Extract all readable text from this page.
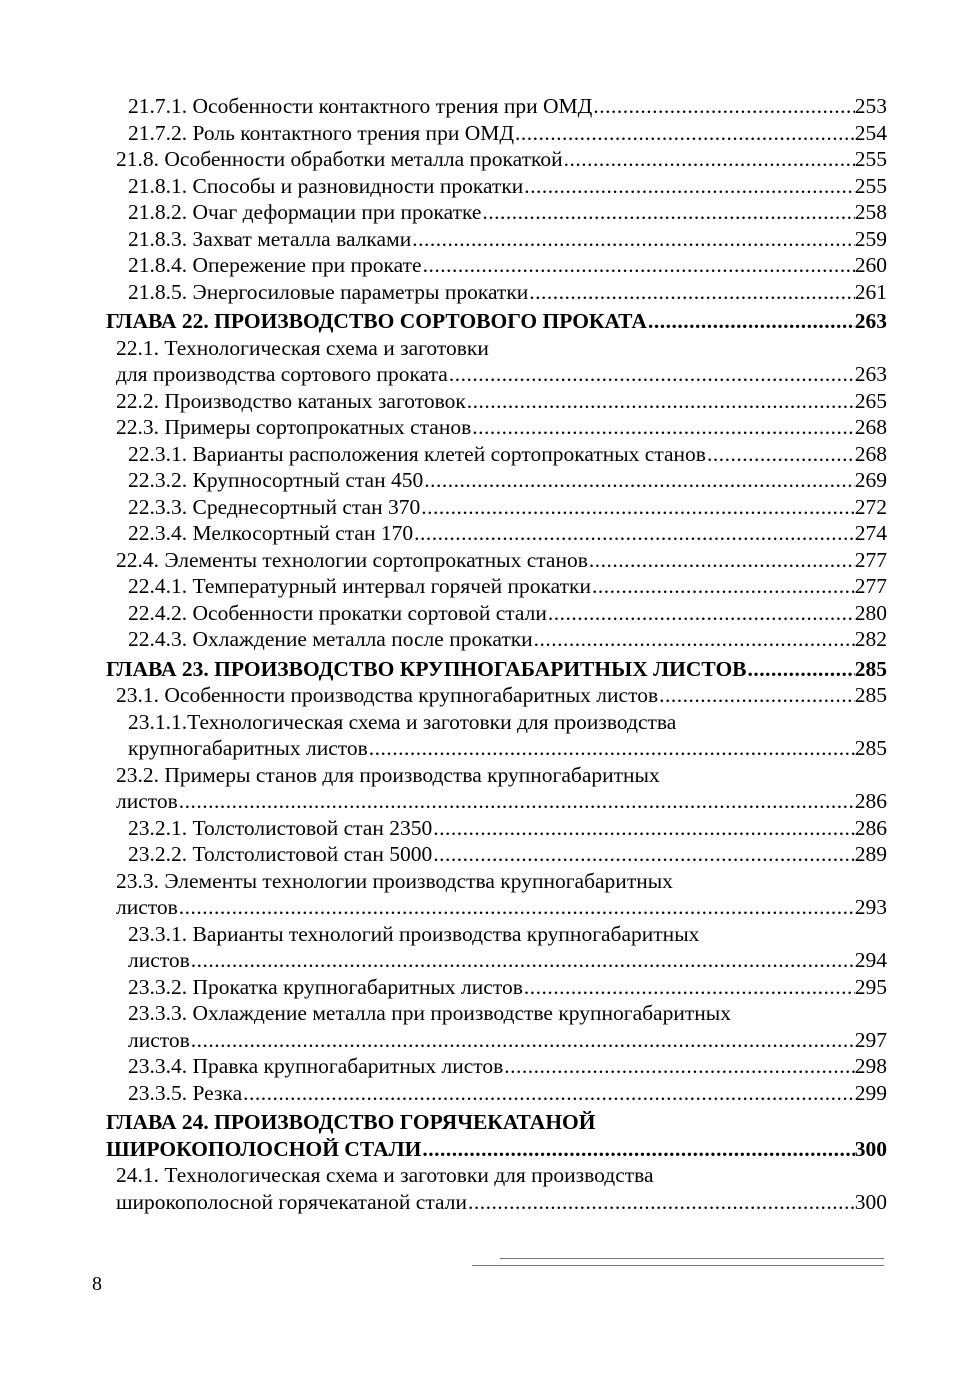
21.7.1. Особенности контактного трения при ОМД .....	253
21.7.2. Роль контактного трения при ОМД .....	254
21.8. Особенности обработки металла прокаткой .....	255
21.8.1. Способы и разновидности прокатки .....	255
21.8.2. Очаг деформации при прокатке .....	258
21.8.3. Захват металла валками .....	259
21.8.4. Опережение при прокате .....	260
21.8.5. Энергосиловые параметры прокатки .....	261
ГЛАВА 22. ПРОИЗВОДСТВО СОРТОВОГО ПРОКАТА .....	263
22.1. Технологическая схема и заготовки
для производства сортового проката .....	263
22.2. Производство катаных заготовок .....	265
22.3. Примеры сортопрокатных станов .....	268
22.3.1. Варианты расположения клетей сортопрокатных станов .....	268
22.3.2. Крупносортный стан 450 .....	269
22.3.3. Среднесортный стан 370 .....	272
22.3.4. Мелкосортный стан 170 .....	274
22.4. Элементы технологии сортопрокатных станов .....	277
22.4.1. Температурный интервал горячей прокатки .....	277
22.4.2. Особенности прокатки сортовой стали .....	280
22.4.3. Охлаждение металла после прокатки .....	282
ГЛАВА 23. ПРОИЗВОДСТВО КРУПНОГАБАРИТНЫХ ЛИСТОВ .....	285
23.1. Особенности производства крупногабаритных листов .....	285
23.1.1.Технологическая схема и заготовки для производства
крупногабаритных листов .....	285
23.2. Примеры станов для производства крупногабаритных
листов .....	286
23.2.1. Толстолистовой стан 2350 .....	286
23.2.2. Толстолистовой стан 5000 .....	289
23.3. Элементы технологии производства крупногабаритных
листов .....	293
23.3.1. Варианты технологий производства крупногабаритных
листов .....	294
23.3.2. Прокатка крупногабаритных листов .....	295
23.3.3. Охлаждение металла при производстве крупногабаритных
листов .....	297
23.3.4. Правка крупногабаритных листов .....	298
23.3.5. Резка .....	299
ГЛАВА 24. ПРОИЗВОДСТВО ГОРЯЧЕКАТАНОЙ
ШИРОКОПОЛОСНОЙ СТАЛИ .....	300
24.1. Технологическая схема и заготовки для производства
широкополосной горячекатаной стали .....	300
8
